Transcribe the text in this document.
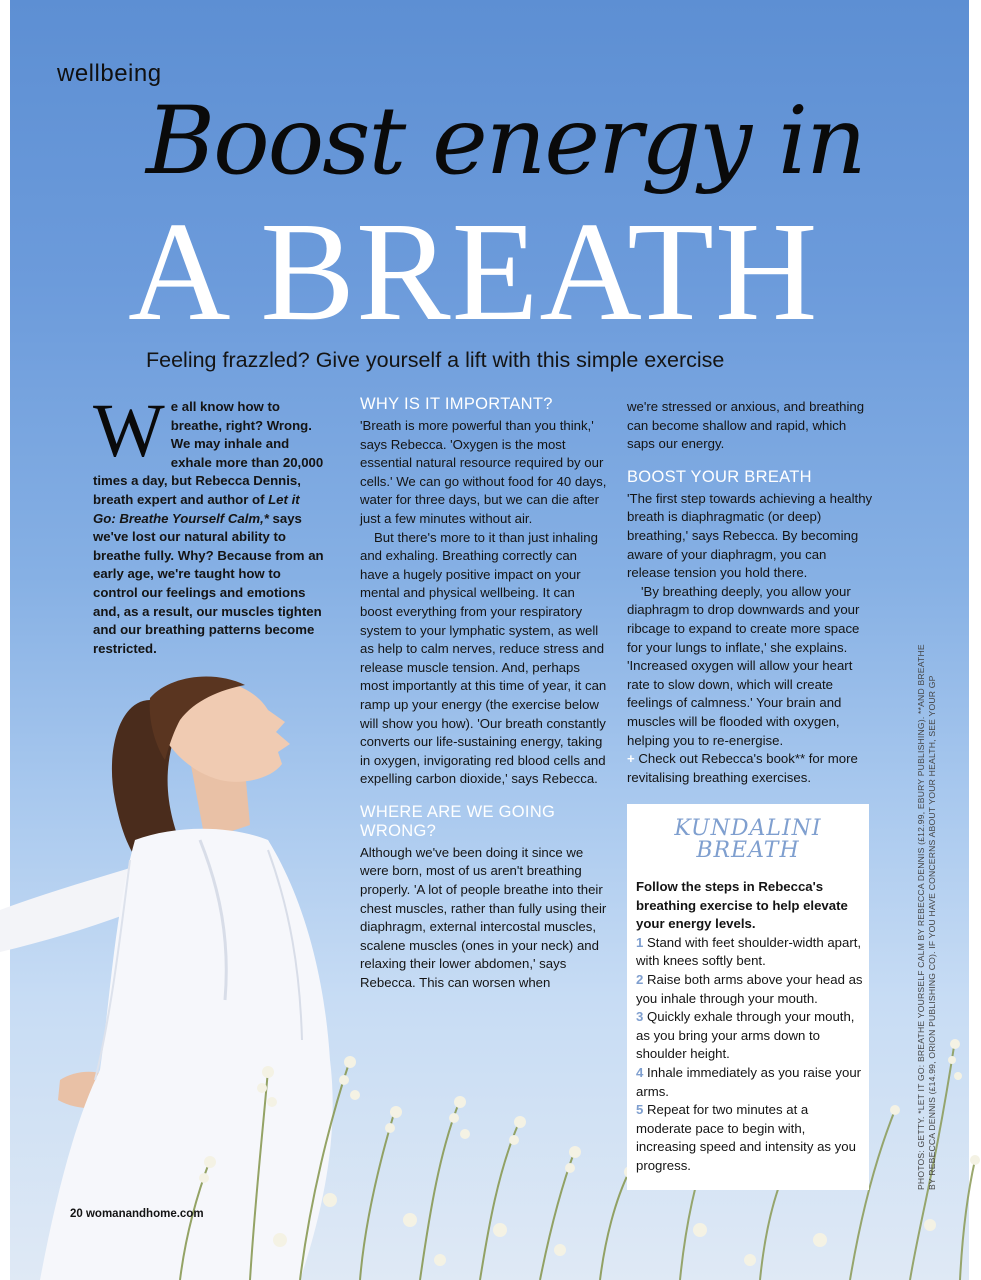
wellbeing
Boost energy in
A BREATH
Feeling frazzled? Give yourself a lift with this simple exercise
We all know how to breathe, right? Wrong. We may inhale and exhale more than 20,000 times a day, but Rebecca Dennis, breath expert and author of Let it Go: Breathe Yourself Calm,* says we've lost our natural ability to breathe fully. Why? Because from an early age, we're taught how to control our feelings and emotions and, as a result, our muscles tighten and our breathing patterns become restricted.
WHY IS IT IMPORTANT?

'Breath is more powerful than you think,' says Rebecca. 'Oxygen is the most essential natural resource required by our cells.' We can go without food for 40 days, water for three days, but we can die after just a few minutes without air.

But there's more to it than just inhaling and exhaling. Breathing correctly can have a hugely positive impact on your mental and physical wellbeing. It can boost everything from your respiratory system to your lymphatic system, as well as help to calm nerves, reduce stress and release muscle tension. And, perhaps most importantly at this time of year, it can ramp up your energy (the exercise below will show you how). 'Our breath constantly converts our life-sustaining energy, taking in oxygen, invigorating red blood cells and expelling carbon dioxide,' says Rebecca.

WHERE ARE WE GOING WRONG?

Although we've been doing it since we were born, most of us aren't breathing properly. 'A lot of people breathe into their chest muscles, rather than fully using their diaphragm, external intercostal muscles, scalene muscles (ones in your neck) and relaxing their lower abdomen,' says Rebecca. This can worsen when

we're stressed or anxious, and breathing can become shallow and rapid, which saps our energy.

BOOST YOUR BREATH

'The first step towards achieving a healthy breath is diaphragmatic (or deep) breathing,' says Rebecca. By becoming aware of your diaphragm, you can release tension you hold there.

'By breathing deeply, you allow your diaphragm to drop downwards and your ribcage to expand to create more space for your lungs to inflate,' she explains. 'Increased oxygen will allow your heart rate to slow down, which will create feelings of calmness.' Your brain and muscles will be flooded with oxygen, helping you to re-energise.

+ Check out Rebecca's book** for more revitalising breathing exercises.

KUNDALINI
BREATH

Follow the steps in Rebecca's breathing exercise to help elevate your energy levels.

1 Stand with feet shoulder-width apart, with knees softly bent.

2 Raise both arms above your head as you inhale through your mouth.

3 Quickly exhale through your mouth, as you bring your arms down to shoulder height.

4 Inhale immediately as you raise your arms.

5 Repeat for two minutes at a moderate pace to begin with, increasing speed and intensity as you progress.	PHOTOS: GETTY. *LET IT GO: BREATHE YOURSELF CALM BY REBECCA DENNIS (£12.99, EBURY PUBLISHING). **AND BREATHE BY REBECCA DENNIS (£14.99, ORION PUBLISHING CO). IF YOU HAVE CONCERNS ABOUT YOUR HEALTH, SEE YOUR GP
20 womanandhome.com
